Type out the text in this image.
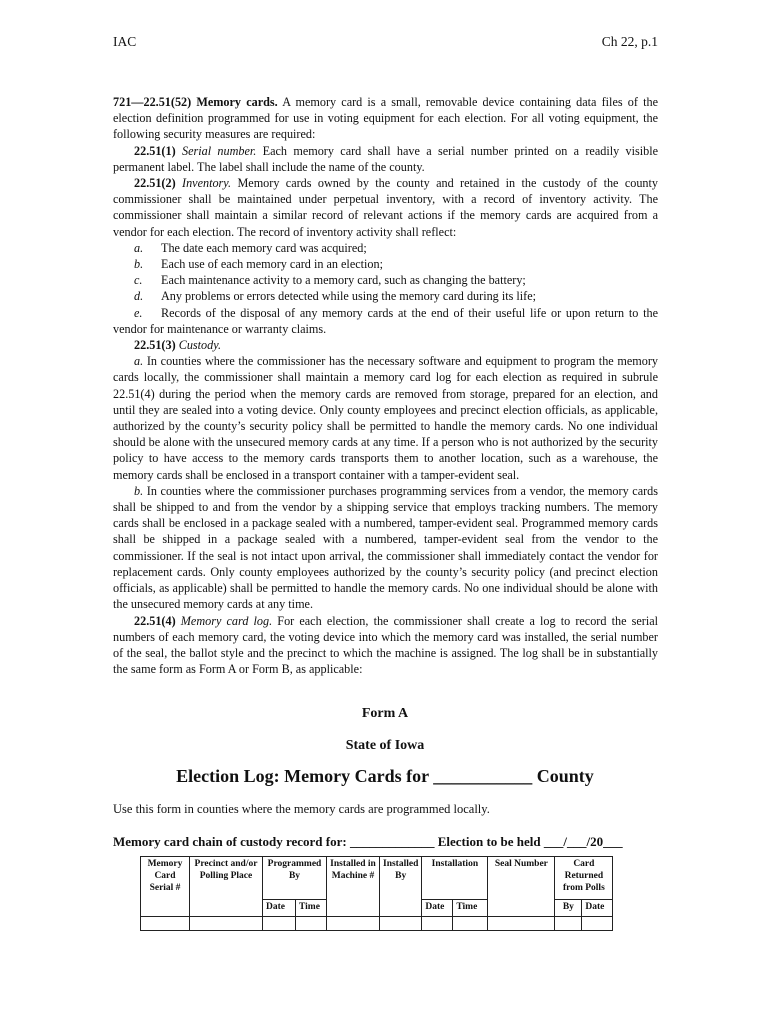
IAC	Ch 22, p.1

721—22.51(52) Memory cards. A memory card is a small, removable device containing data files of the election definition programmed for use in voting equipment for each election. For all voting equipment, the following security measures are required:

22.51(1) Serial number. Each memory card shall have a serial number printed on a readily visible permanent label. The label shall include the name of the county.

22.51(2) Inventory. Memory cards owned by the county and retained in the custody of the county commissioner shall be maintained under perpetual inventory, with a record of inventory activity. The commissioner shall maintain a similar record of relevant actions if the memory cards are acquired from a vendor for each election. The record of inventory activity shall reflect:

a. The date each memory card was acquired;
b. Each use of each memory card in an election;
c. Each maintenance activity to a memory card, such as changing the battery;
d. Any problems or errors detected while using the memory card during its life;
e. Records of the disposal of any memory cards at the end of their useful life or upon return to the vendor for maintenance or warranty claims.

22.51(3) Custody.

a. In counties where the commissioner has the necessary software and equipment to program the memory cards locally, the commissioner shall maintain a memory card log for each election as required in subrule 22.51(4) during the period when the memory cards are removed from storage, prepared for an election, and until they are sealed into a voting device. Only county employees and precinct election officials, as applicable, authorized by the county’s security policy shall be permitted to handle the memory cards. No one individual should be alone with the unsecured memory cards at any time. If a person who is not authorized by the security policy to have access to the memory cards transports them to another location, such as a warehouse, the memory cards shall be enclosed in a transport container with a tamper-evident seal.

b. In counties where the commissioner purchases programming services from a vendor, the memory cards shall be shipped to and from the vendor by a shipping service that employs tracking numbers. The memory cards shall be enclosed in a package sealed with a numbered, tamper-evident seal. Programmed memory cards shall be shipped in a package sealed with a numbered, tamper-evident seal from the vendor to the commissioner. If the seal is not intact upon arrival, the commissioner shall immediately contact the vendor for replacement cards. Only county employees authorized by the county’s security policy (and precinct election officials, as applicable) shall be permitted to handle the memory cards. No one individual should be alone with the unsecured memory cards at any time.

22.51(4) Memory card log. For each election, the commissioner shall create a log to record the serial numbers of each memory card, the voting device into which the memory card was installed, the serial number of the seal, the ballot style and the precinct to which the machine is assigned. The log shall be in substantially the same form as Form A or Form B, as applicable:

Form A
State of Iowa
Election Log: Memory Cards for ___________ County
Use this form in counties where the memory cards are programmed locally.
Memory card chain of custody record for: _____________ Election to be held ___/___/20___
Memory Card Serial #	Precinct and/or Polling Place	Programmed By		Installed in Machine #	Installed By	Installation		Seal Number	Card Returned from Polls	
		Date	Time			Date	Time		By	Date
